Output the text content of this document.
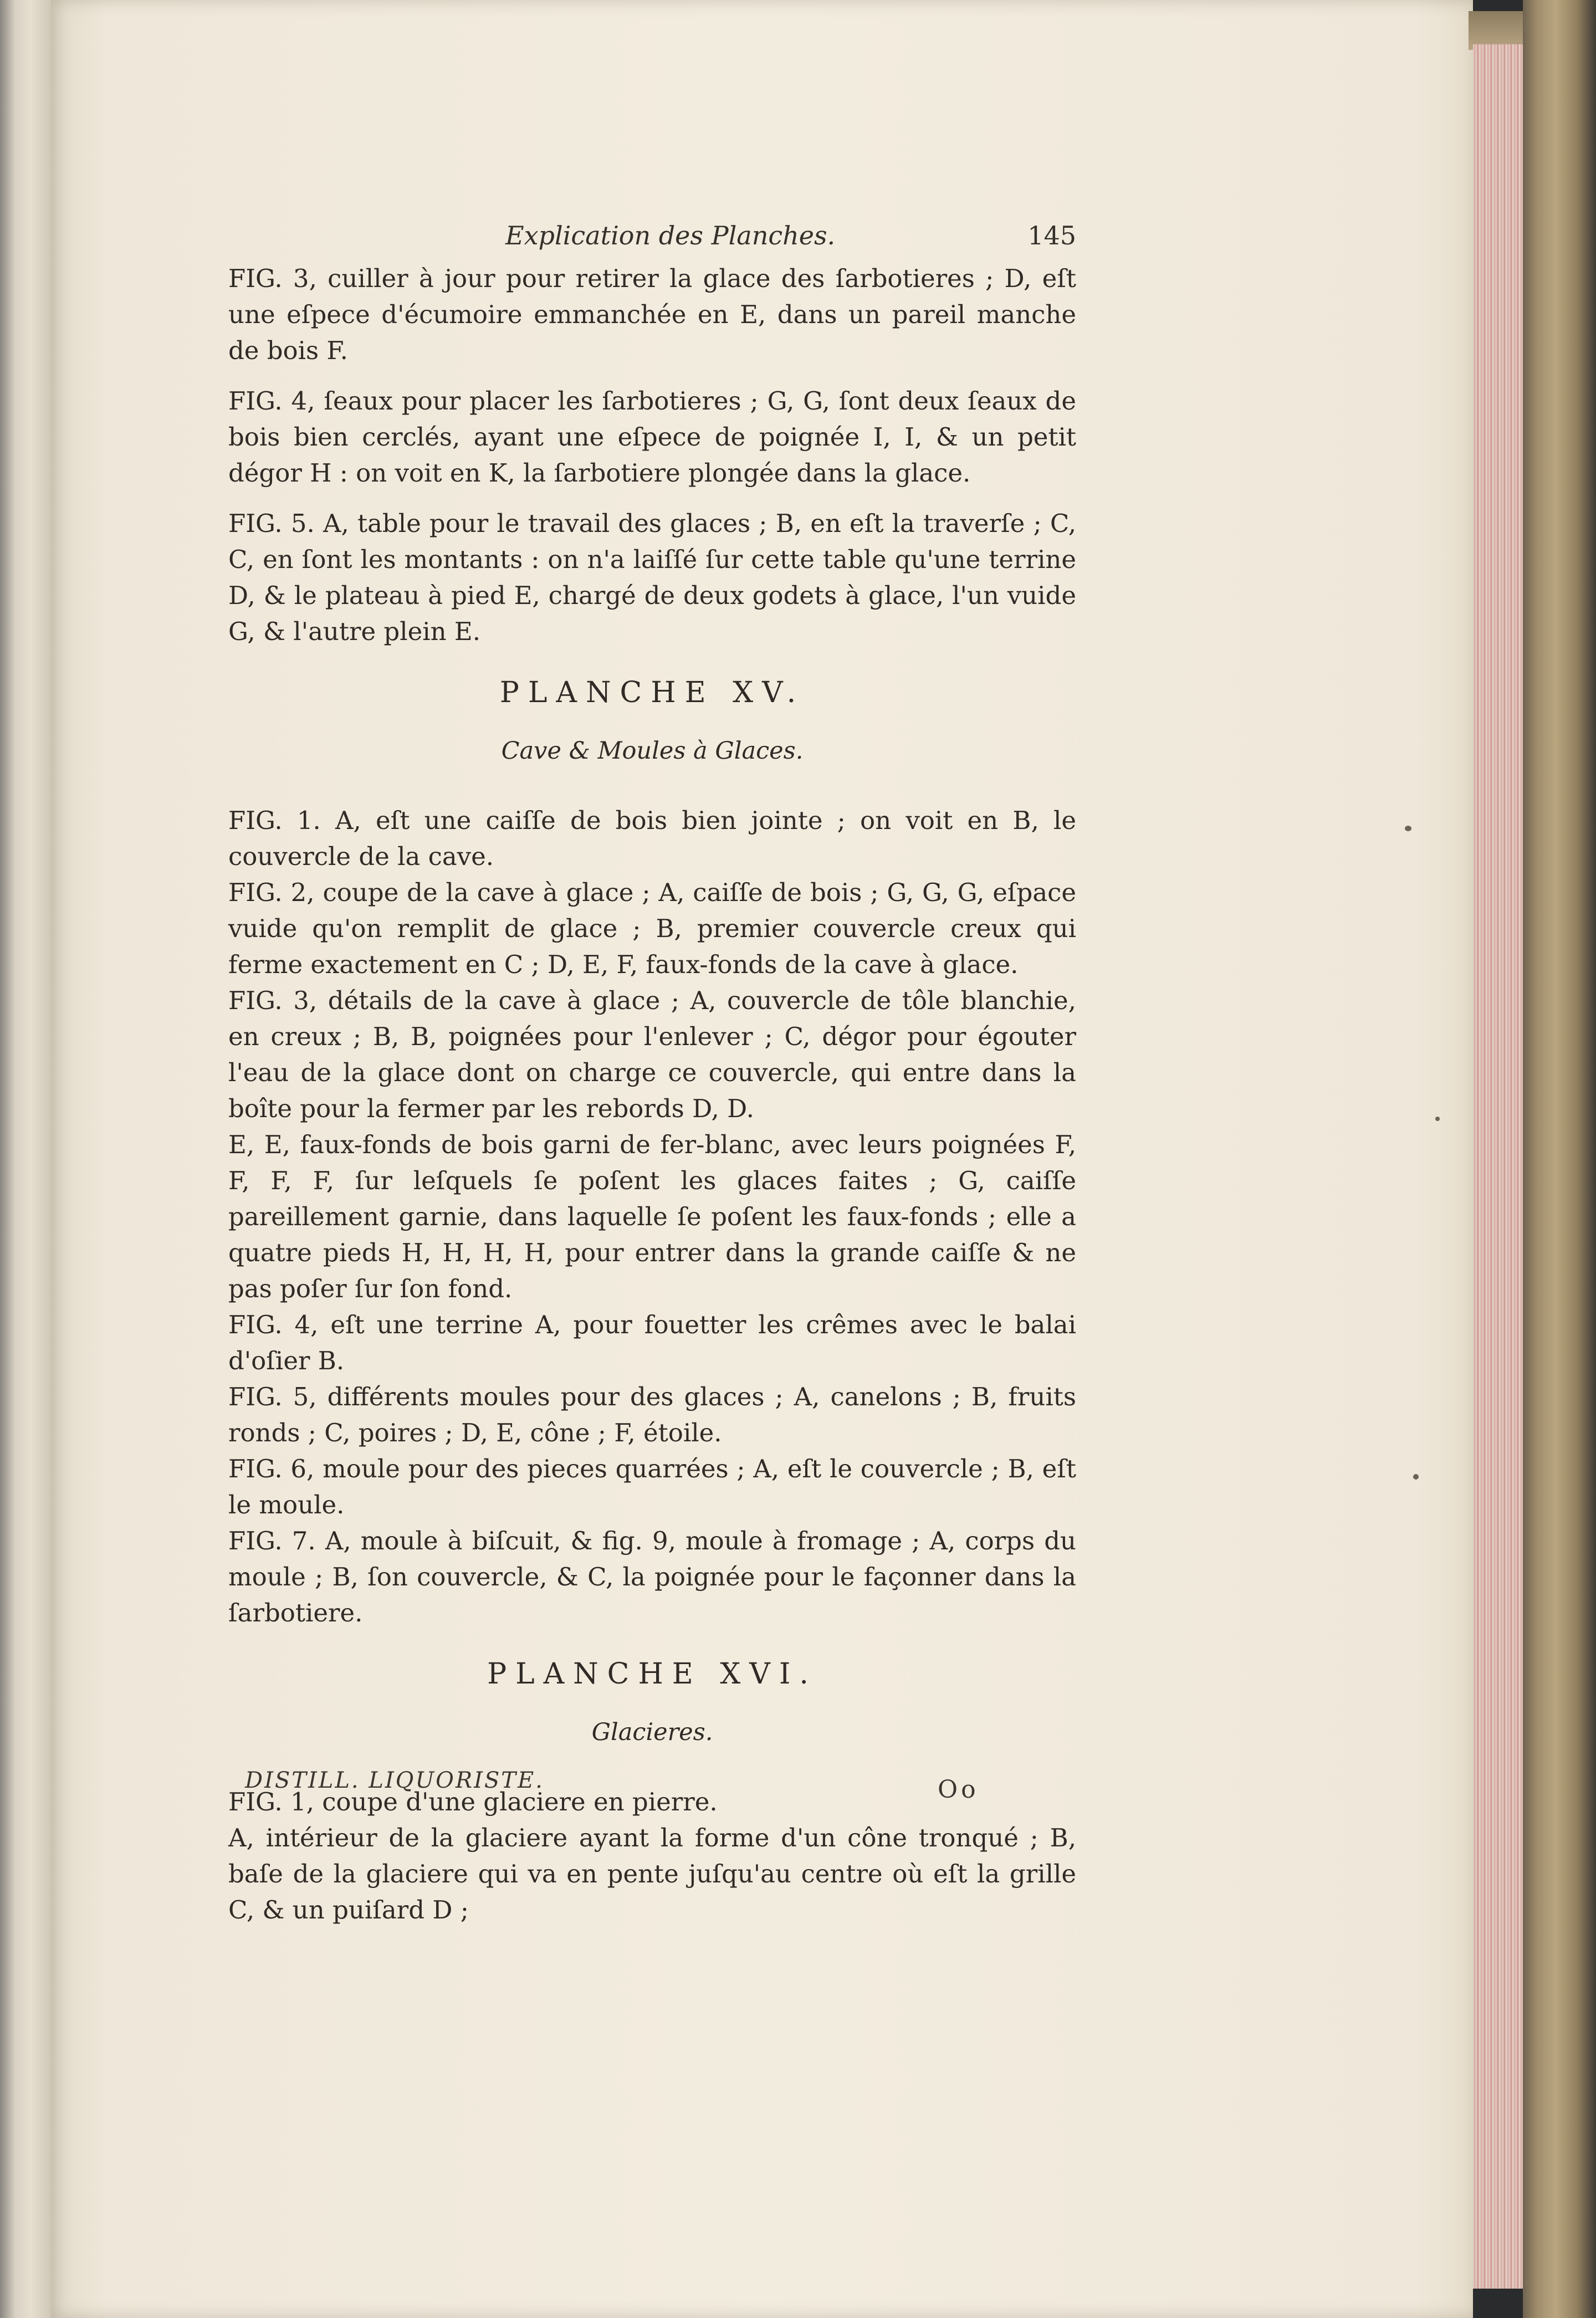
Explication des Planches.	145

FIG. 3, cuiller à jour pour retirer la glace des ſarbotieres ; D, eſt une eſpece d'écumoire emmanchée en E, dans un pareil manche de bois F.

FIG. 4, ſeaux pour placer les ſarbotieres ; G, G, ſont deux ſeaux de bois bien cerclés, ayant une eſpece de poignée I, I, & un petit dégor H : on voit en K, la ſarbotiere plongée dans la glace.

FIG. 5. A, table pour le travail des glaces ; B, en eſt la traverſe ; C, C, en ſont les montants : on n'a laiſſé ſur cette table qu'une terrine D, & le plateau à pied E, chargé de deux godets à glace, l'un vuide G, & l'autre plein E.

PLANCHE XV.
Cave & Moules à Glaces.

FIG. 1. A, eſt une caiſſe de bois bien jointe ; on voit en B, le couvercle de la cave.

FIG. 2, coupe de la cave à glace ; A, caiſſe de bois ; G, G, G, eſpace vuide qu'on remplit de glace ; B, premier couvercle creux qui ferme exactement en C ; D, E, F, faux-fonds de la cave à glace.

FIG. 3, détails de la cave à glace ; A, couvercle de tôle blanchie, en creux ; B, B, poignées pour l'enlever ; C, dégor pour égouter l'eau de la glace dont on charge ce couvercle, qui entre dans la boîte pour la fermer par les rebords D, D.

E, E, faux-fonds de bois garni de fer-blanc, avec leurs poignées F, F, F, F, ſur leſquels ſe poſent les glaces faites ; G, caiſſe pareillement garnie, dans laquelle ſe poſent les faux-fonds ; elle a quatre pieds H, H, H, H, pour entrer dans la grande caiſſe & ne pas poſer ſur ſon fond.

FIG. 4, eſt une terrine A, pour fouetter les crêmes avec le balai d'oſier B.

FIG. 5, différents moules pour des glaces ; A, canelons ; B, fruits ronds ; C, poires ; D, E, cône ; F, étoile.

FIG. 6, moule pour des pieces quarrées ; A, eſt le couvercle ; B, eſt le moule.

FIG. 7. A, moule à biſcuit, & fig. 9, moule à fromage ; A, corps du moule ; B, ſon couvercle, & C, la poignée pour le façonner dans la ſarbotiere.

PLANCHE XVI.
Glacieres.

FIG. 1, coupe d'une glaciere en pierre.

A, intérieur de la glaciere ayant la forme d'un cône tronqué ; B, baſe de la glaciere qui va en pente juſqu'au centre où eſt la grille C, & un puiſard D ;

DISTILL. LIQUORISTE.	Oo
